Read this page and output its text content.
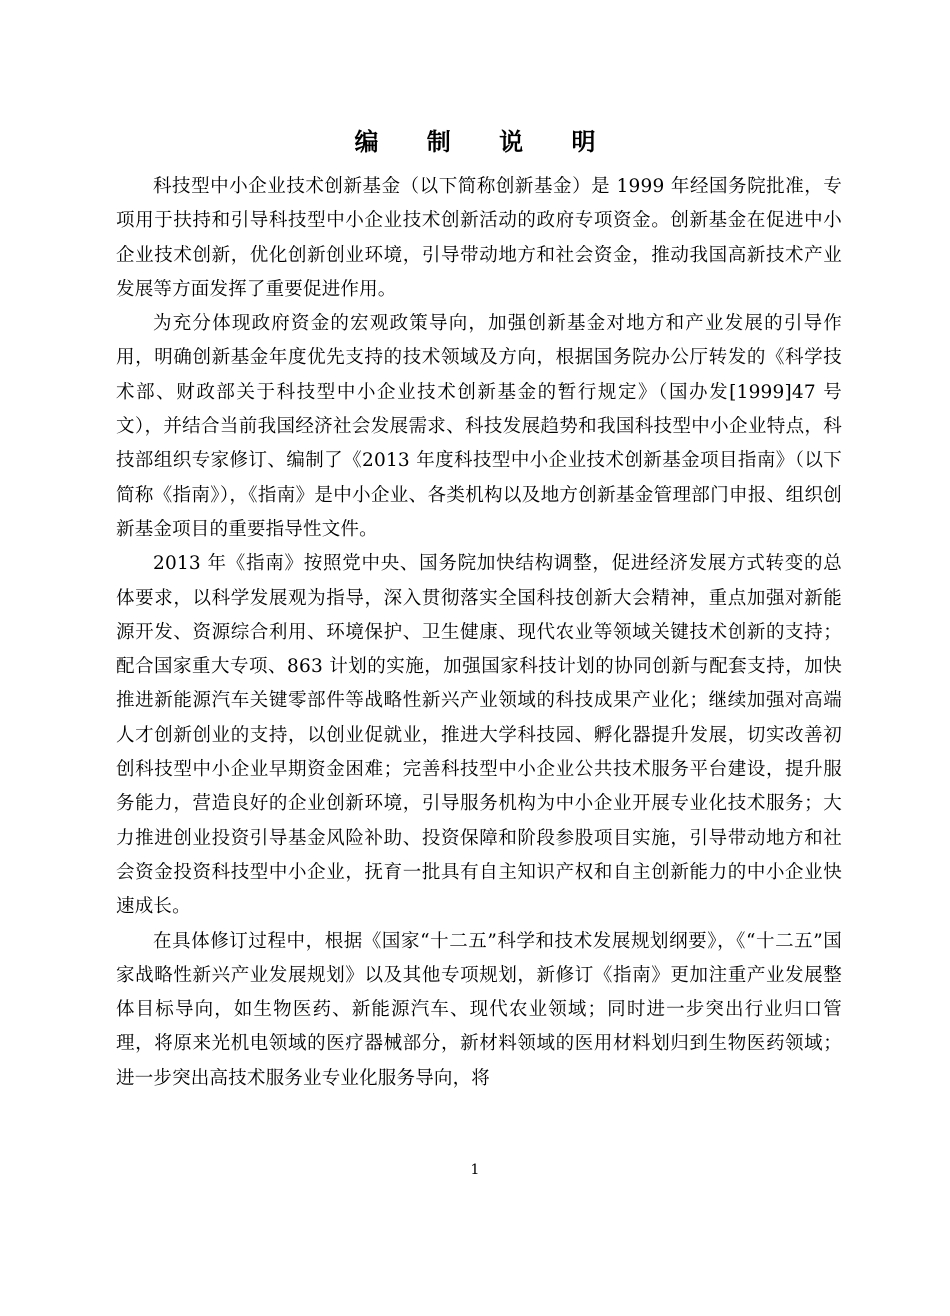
编 制 说 明

科技型中小企业技术创新基金（以下简称创新基金）是 1999 年经国务院批准，专项用于扶持和引导科技型中小企业技术创新活动的政府专项资金。创新基金在促进中小企业技术创新，优化创新创业环境，引导带动地方和社会资金，推动我国高新技术产业发展等方面发挥了重要促进作用。

为充分体现政府资金的宏观政策导向，加强创新基金对地方和产业发展的引导作用，明确创新基金年度优先支持的技术领域及方向，根据国务院办公厅转发的《科学技术部、财政部关于科技型中小企业技术创新基金的暂行规定》（国办发[1999]47 号文），并结合当前我国经济社会发展需求、科技发展趋势和我国科技型中小企业特点，科技部组织专家修订、编制了《2013 年度科技型中小企业技术创新基金项目指南》（以下简称《指南》），《指南》是中小企业、各类机构以及地方创新基金管理部门申报、组织创新基金项目的重要指导性文件。

2013 年《指南》按照党中央、国务院加快结构调整，促进经济发展方式转变的总体要求，以科学发展观为指导，深入贯彻落实全国科技创新大会精神，重点加强对新能源开发、资源综合利用、环境保护、卫生健康、现代农业等领域关键技术创新的支持；配合国家重大专项、863 计划的实施，加强国家科技计划的协同创新与配套支持，加快推进新能源汽车关键零部件等战略性新兴产业领域的科技成果产业化；继续加强对高端人才创新创业的支持，以创业促就业，推进大学科技园、孵化器提升发展，切实改善初创科技型中小企业早期资金困难；完善科技型中小企业公共技术服务平台建设，提升服务能力，营造良好的企业创新环境，引导服务机构为中小企业开展专业化技术服务；大力推进创业投资引导基金风险补助、投资保障和阶段参股项目实施，引导带动地方和社会资金投资科技型中小企业，抚育一批具有自主知识产权和自主创新能力的中小企业快速成长。

在具体修订过程中，根据《国家“十二五”科学和技术发展规划纲要》，《“十二五”国家战略性新兴产业发展规划》以及其他专项规划，新修订《指南》更加注重产业发展整体目标导向，如生物医药、新能源汽车、现代农业领域；同时进一步突出行业归口管理，将原来光机电领域的医疗器械部分，新材料领域的医用材料划归到生物医药领域；进一步突出高技术服务业专业化服务导向，将

1
